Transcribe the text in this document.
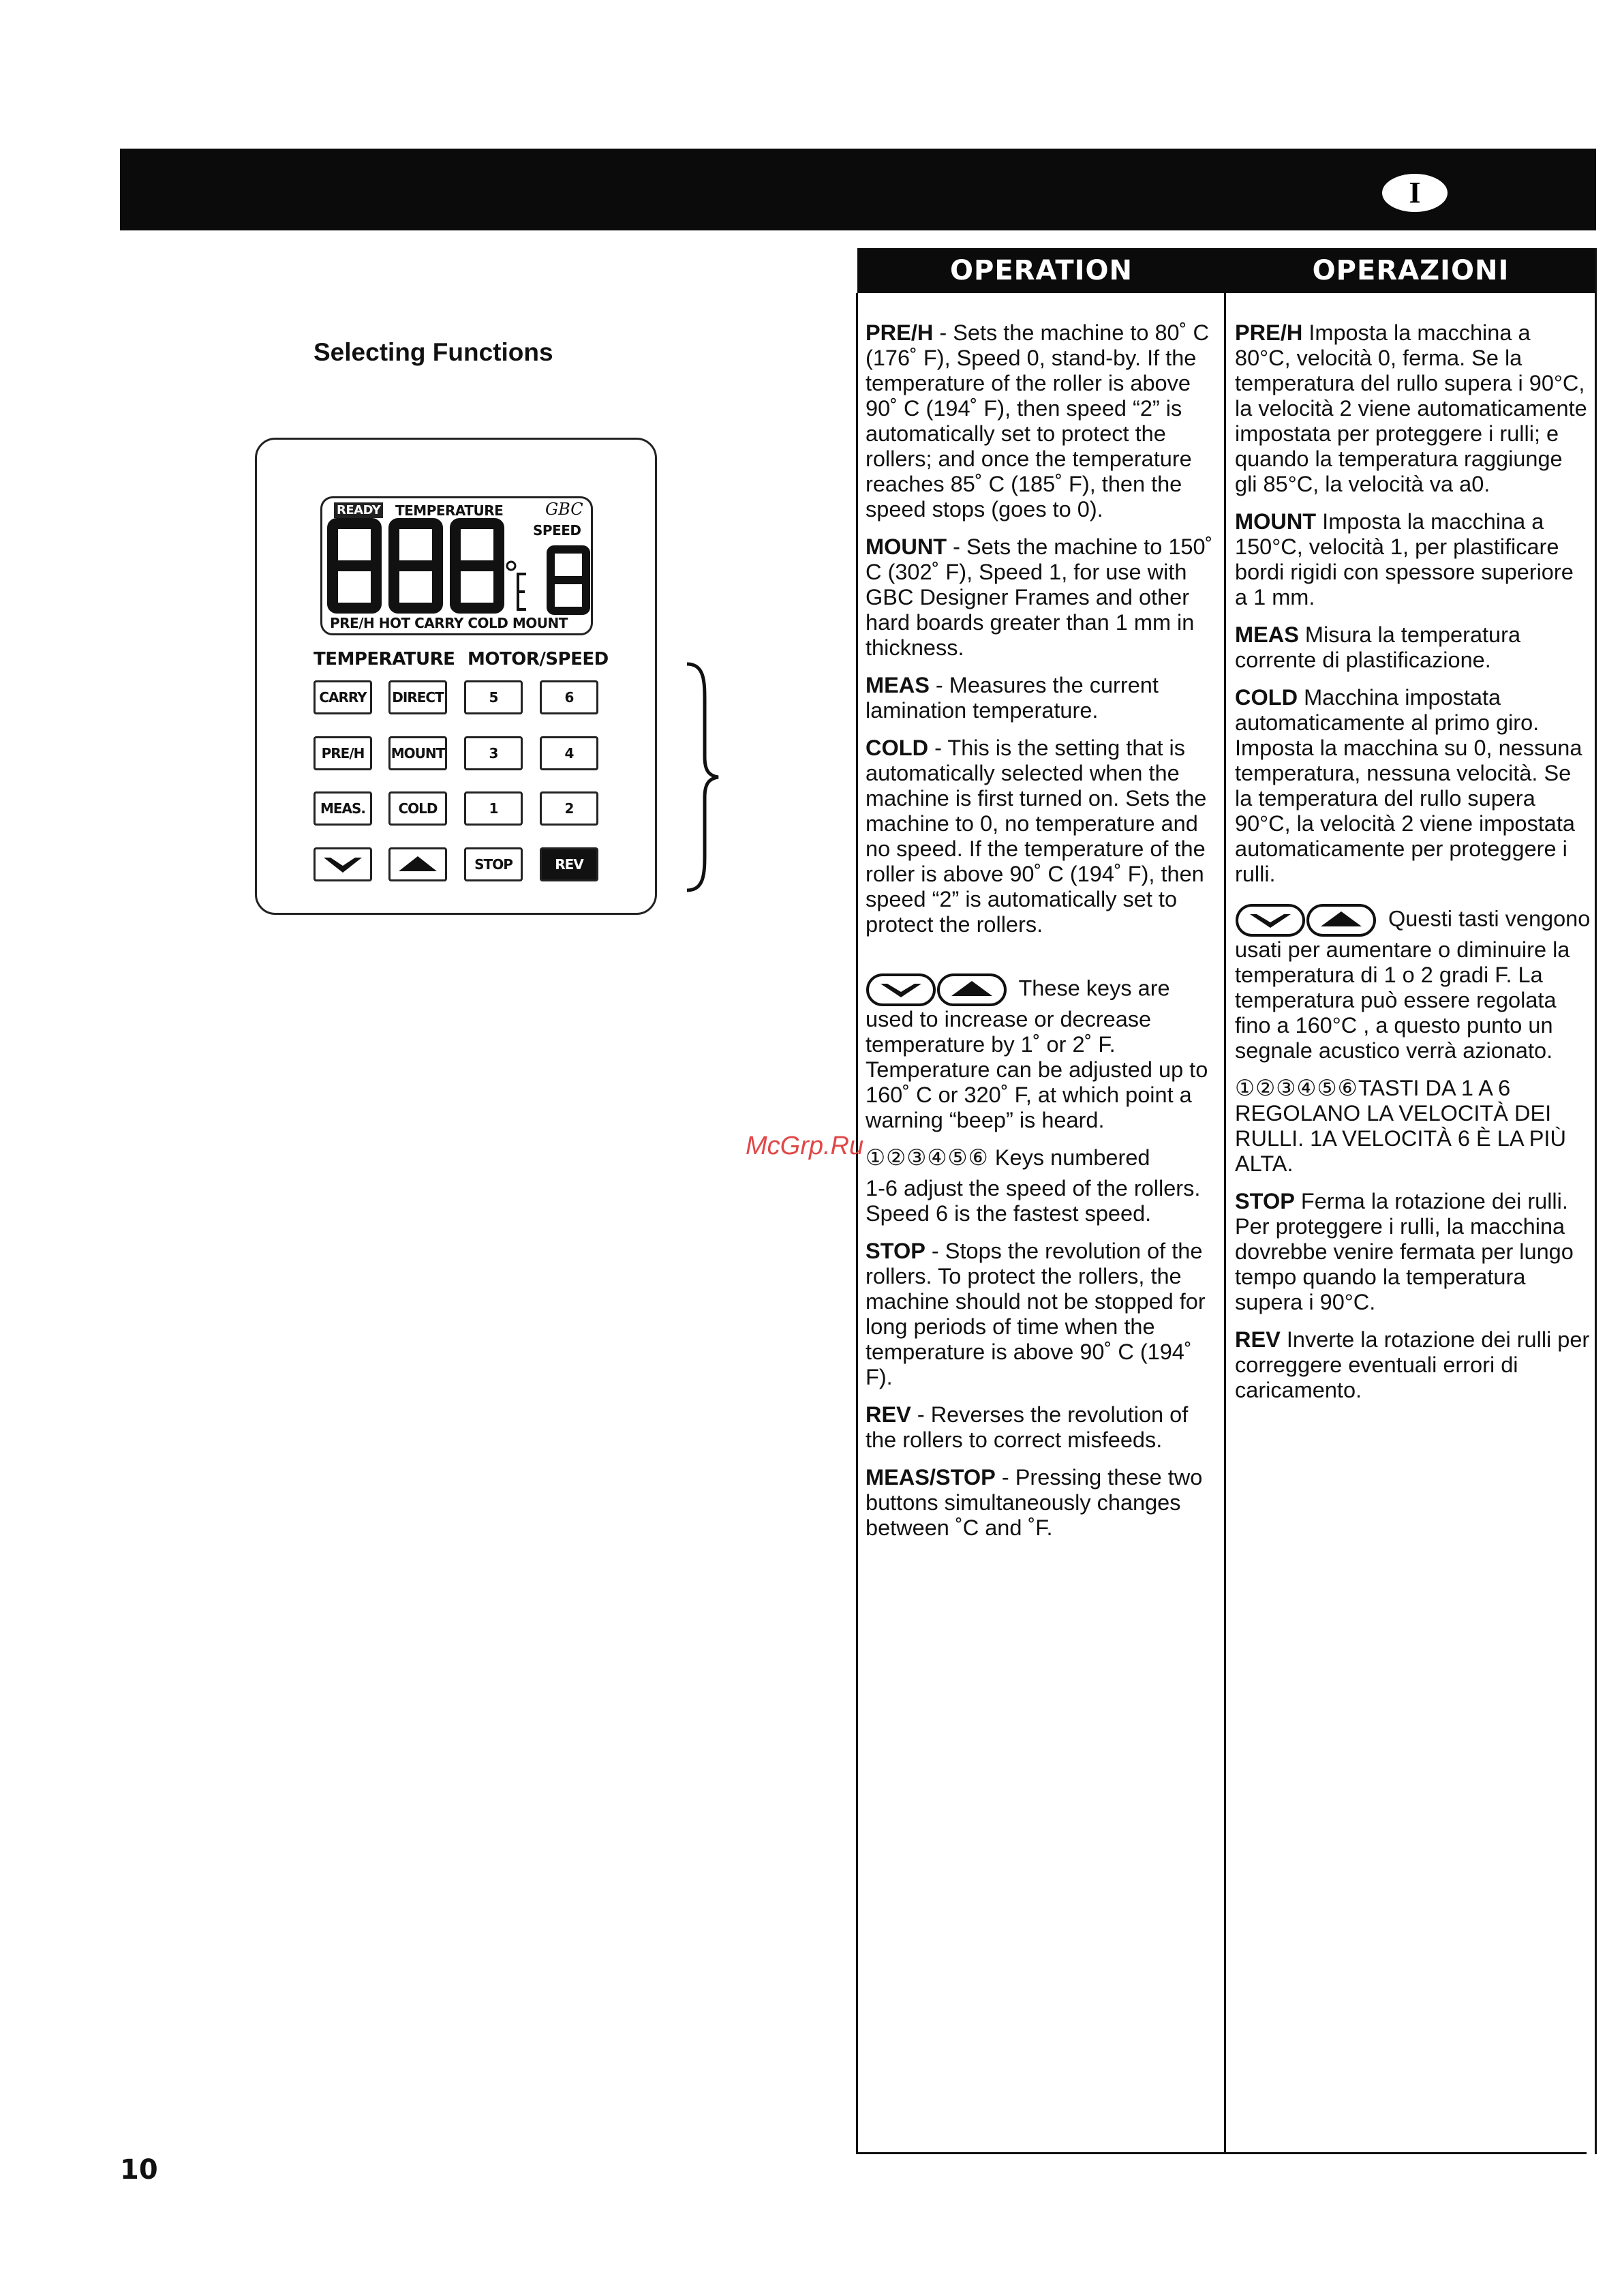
I
OPERATION	OPERAZIONI
Selecting Functions
READY TEMPERATURE	GBC
SPEED
PRE/H HOT CARRY COLD MOUNT
TEMPERATURE MOTOR/SPEED
CARRY	DIRECT	5	6
PRE/H	MOUNT	3	4
MEAS.	COLD	1	2
STOP	REV

PRE/H - Sets the machine to 80˚ C (176˚ F), Speed 0, stand-by. If the temperature of the roller is above 90˚ C (194˚ F), then speed “2” is automatically set to protect the rollers; and once the temperature reaches 85˚ C (185˚ F), then the speed stops (goes to 0).

MOUNT - Sets the machine to 150˚ C (302˚ F), Speed 1, for use with GBC Designer Frames and other hard boards greater than 1 mm in thickness.

MEAS - Measures the current lamination temperature.

COLD - This is the setting that is automatically selected when the machine is first turned on. Sets the machine to 0, no temperature and no speed. If the temperature of the roller is above 90˚ C (194˚ F), then speed “2” is automatically set to protect the rollers.

These keys are used to increase or decrease temperature by 1˚ or 2˚ F. Temperature can be adjusted up to 160˚ C or 320˚ F, at which point a warning “beep” is heard.

①②③④⑤⑥ Keys numbered

1-6 adjust the speed of the rollers. Speed 6 is the fastest speed.

STOP - Stops the revolution of the rollers. To protect the rollers, the machine should not be stopped for long periods of time when the temperature is above 90˚ C (194˚ F).

REV - Reverses the revolution of the rollers to correct misfeeds.

MEAS/STOP - Pressing these two buttons simultaneously changes between ˚C and ˚F.

PRE/H Imposta la macchina a 80°C, velocità 0, ferma. Se la temperatura del rullo supera i 90°C, la velocità 2 viene automaticamente impostata per proteggere i rulli; e quando la temperatura raggiunge gli 85°C, la velocità va a0.

MOUNT Imposta la macchina a 150°C, velocità 1, per plastificare bordi rigidi con spessore superiore a 1 mm.

MEAS Misura la temperatura corrente di plastificazione.

COLD Macchina impostata automaticamente al primo giro. Imposta la macchina su 0, nessuna temperatura, nessuna velocità. Se la temperatura del rullo supera 90°C, la velocità 2 viene impostata automaticamente per proteggere i rulli.

Questi tasti vengono usati per aumentare o diminuire la temperatura di 1 o 2 gradi F. La temperatura può essere regolata fino a 160°C , a questo punto un segnale acustico verrà azionato.

①②③④⑤⑥TASTI DA 1 A 6 REGOLANO LA VELOCITÀ DEI RULLI. 1A VELOCITÀ 6 È LA PIÙ ALTA.

STOP Ferma la rotazione dei rulli. Per proteggere i rulli, la macchina dovrebbe venire fermata per lungo tempo quando la temperatura supera i 90°C.

REV Inverte la rotazione dei rulli per correggere eventuali errori di caricamento.

McGrp.Ru
10
